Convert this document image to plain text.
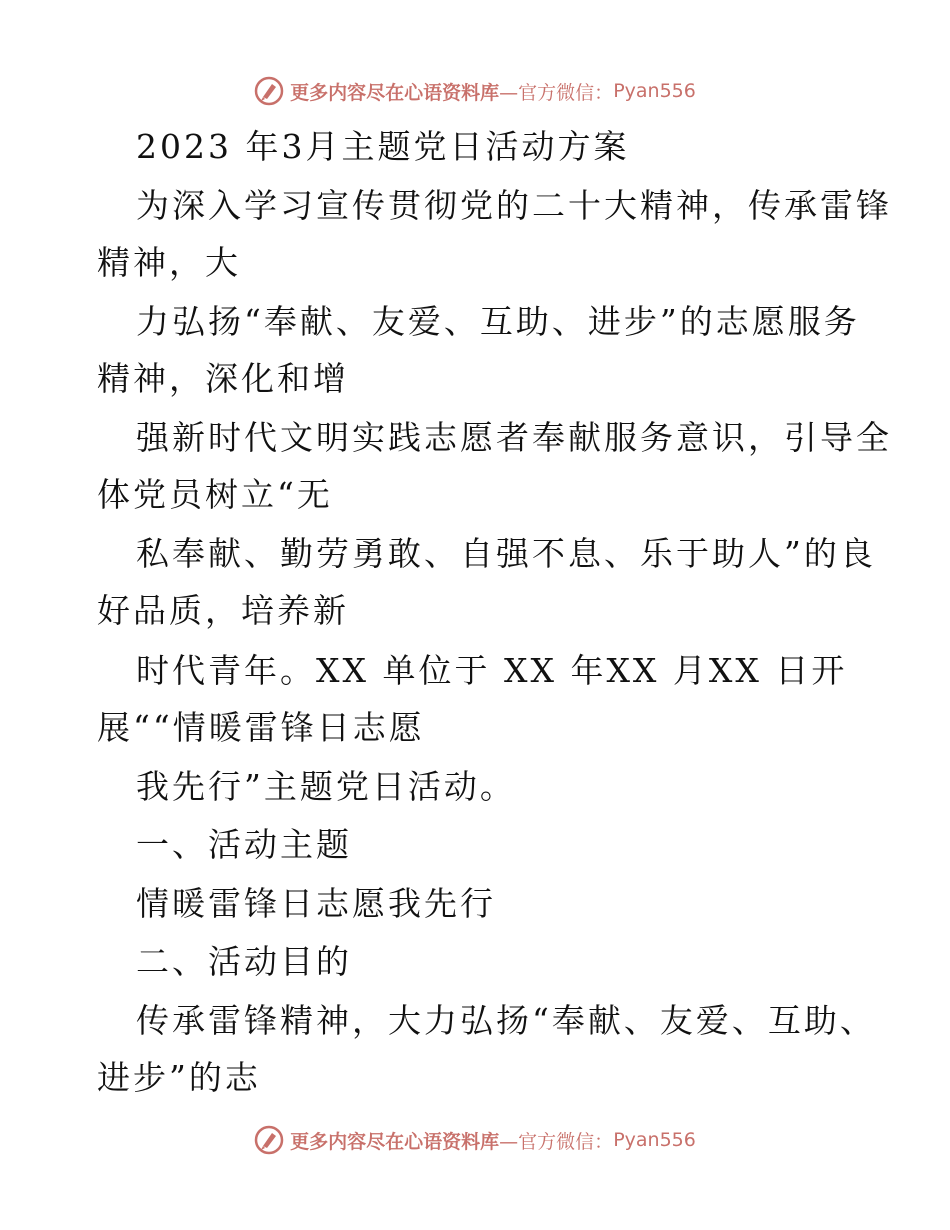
更多内容尽在心语资料库 —官方微信： Pyan556
2023 年3月主题党日活动方案
为深入学习宣传贯彻党的二十大精神，传承雷锋
精神，大
力弘扬“奉献、友爱、互助、进步”的志愿服务
精神，深化和增
强新时代文明实践志愿者奉献服务意识，引导全
体党员树立“无
私奉献、勤劳勇敢、自强不息、乐于助人”的良
好品质，培养新
时代青年。XX 单位于 XX 年XX 月XX 日开
展““情暖雷锋日志愿
我先行”主题党日活动。
一、活动主题
情暖雷锋日志愿我先行
二、活动目的
传承雷锋精神，大力弘扬“奉献、友爱、互助、
进步”的志
更多内容尽在心语资料库 —官方微信： Pyan556
